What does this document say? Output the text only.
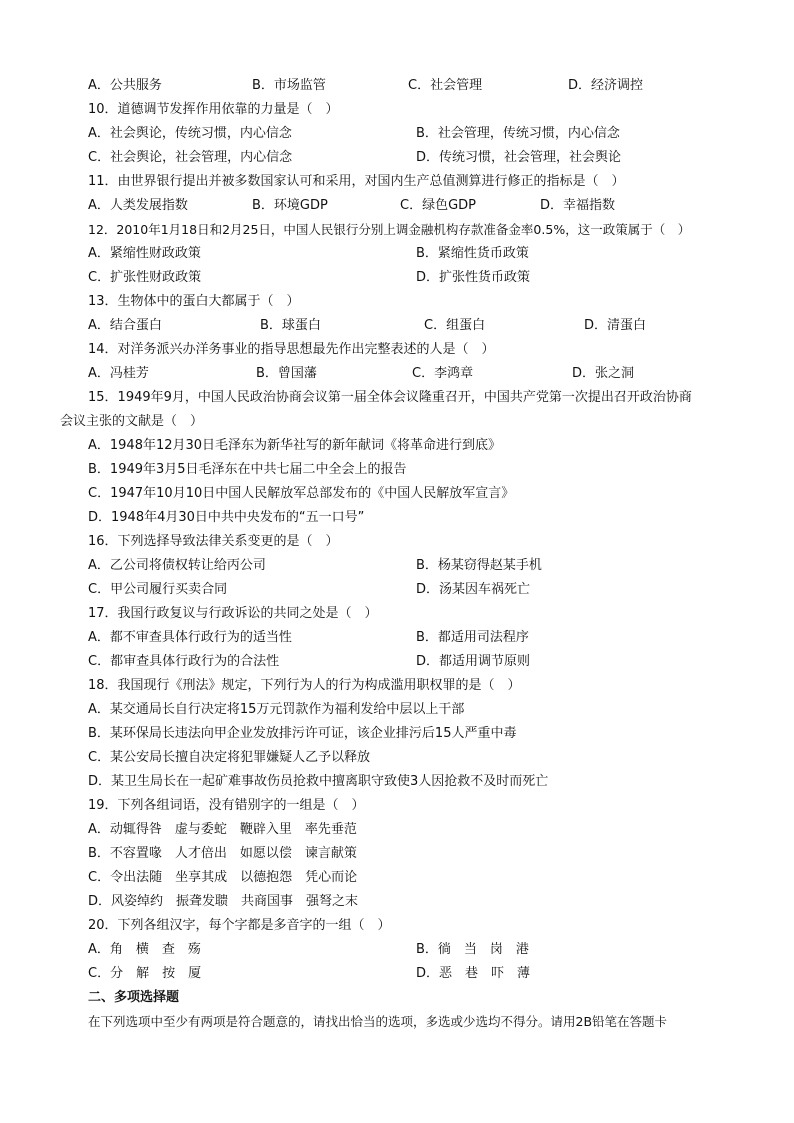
A．公共服务	B．市场监管	C．社会管理	D．经济调控
10．道德调节发挥作用依靠的力量是（　）
A．社会舆论，传统习惯，内心信念	B．社会管理，传统习惯，内心信念
C．社会舆论，社会管理，内心信念	D．传统习惯，社会管理，社会舆论
11．由世界银行提出并被多数国家认可和采用，对国内生产总值测算进行修正的指标是（　）
A．人类发展指数	B．环境GDP	C．绿色GDP	D．幸福指数
12．2010年1月18日和2月25日，中国人民银行分别上调金融机构存款准备金率0.5%，这一政策属于（　）
A．紧缩性财政政策	B．紧缩性货币政策
C．扩张性财政政策	D．扩张性货币政策
13．生物体中的蛋白大都属于（　）
A．结合蛋白	B．球蛋白	C．组蛋白	D．清蛋白
14．对洋务派兴办洋务事业的指导思想最先作出完整表述的人是（　）
A．冯桂芳	B．曾国藩	C．李鸿章	D．张之洞
15．1949年9月，中国人民政治协商会议第一届全体会议隆重召开，中国共产党第一次提出召开政治协商
会议主张的文献是（　）
A．1948年12月30日毛泽东为新华社写的新年献词《将革命进行到底》
B．1949年3月5日毛泽东在中共七届二中全会上的报告
C．1947年10月10日中国人民解放军总部发布的《中国人民解放军宣言》
D．1948年4月30日中共中央发布的“五一口号”
16．下列选择导致法律关系变更的是（　）
A．乙公司将债权转让给丙公司	B．杨某窃得赵某手机
C．甲公司履行买卖合同	D．汤某因车祸死亡
17．我国行政复议与行政诉讼的共同之处是（　）
A．都不审查具体行政行为的适当性	B．都适用司法程序
C．都审查具体行政行为的合法性	D．都适用调节原则
18．我国现行《刑法》规定，下列行为人的行为构成滥用职权罪的是（　）
A．某交通局长自行决定将15万元罚款作为福利发给中层以上干部
B．某环保局长违法向甲企业发放排污许可证，该企业排污后15人严重中毒
C．某公安局长擅自决定将犯罪嫌疑人乙予以释放
D．某卫生局长在一起矿难事故伤员抢救中擅离职守致使3人因抢救不及时而死亡
19．下列各组词语，没有错别字的一组是（　）
A．动辄得咎　虚与委蛇　鞭辟入里　率先垂范
B．不容置喙　人才倍出　如愿以偿　谏言献策
C．令出法随　坐享其成　以德抱怨　凭心而论
D．风姿绰约　振聋发聩　共商国事　强弩之末
20．下列各组汉字，每个字都是多音字的一组（　）
A．角　横　查　殇	B．徜　当　岗　港
C．分　解　按　厦	D．恶　巷　吓　薄
二、多项选择题
在下列选项中至少有两项是符合题意的，请找出恰当的选项，多选或少选均不得分。请用2B铅笔在答题卡
